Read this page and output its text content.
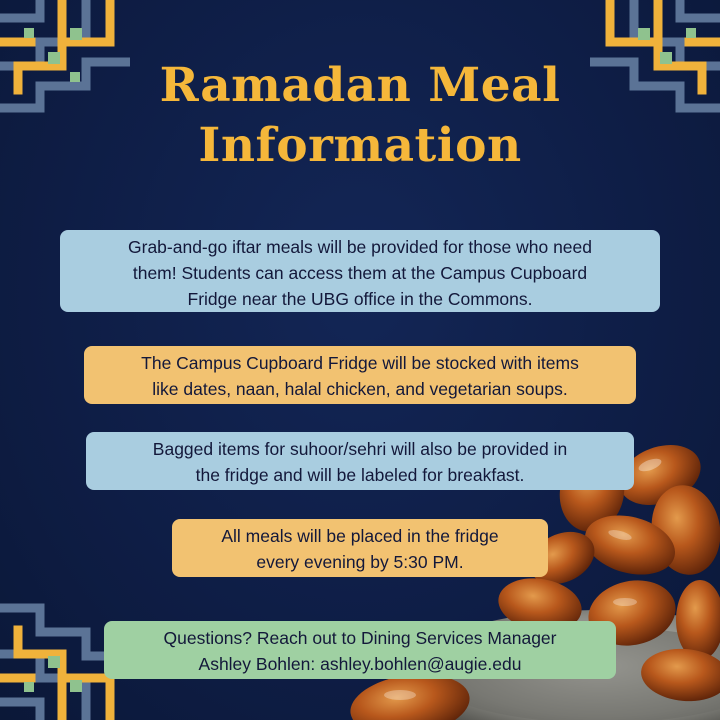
Ramadan Meal
Information
Grab-and-go iftar meals will be provided for those who need
them! Students can access them at the Campus Cupboard
Fridge near the UBG office in the Commons.
The Campus Cupboard Fridge will be stocked with items
like dates, naan, halal chicken, and vegetarian soups.
Bagged items for suhoor/sehri will also be provided in
the fridge and will be labeled for breakfast.
All meals will be placed in the fridge
every evening by 5:30 PM.
Questions? Reach out to Dining Services Manager
Ashley Bohlen: ashley.bohlen@augie.edu
